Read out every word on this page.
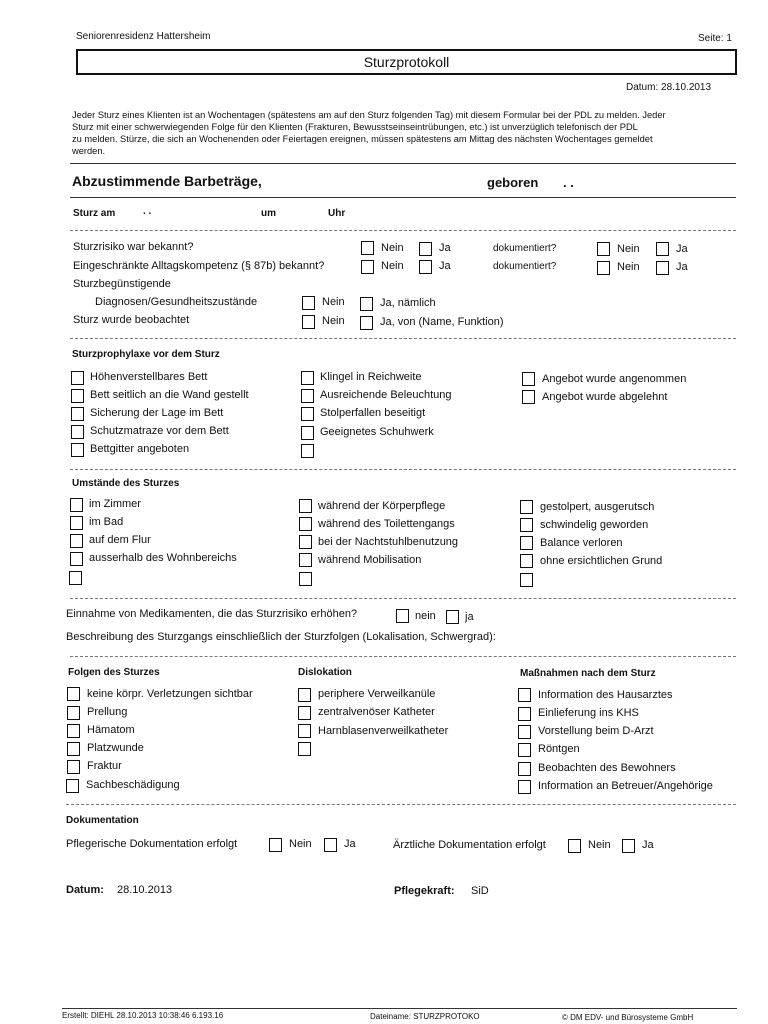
Seniorenresidenz Hattersheim	Seite: 1
Sturzprotokoll
Datum: 28.10.2013
Jeder Sturz eines Klienten ist an Wochentagen (spätestens am auf den Sturz folgenden Tag) mit diesem Formular bei der PDL zu melden. Jeder
Sturz mit einer schwerwiegenden Folge für den Klienten (Frakturen, Bewusstseinseintrübungen, etc.) ist unverzüglich telefonisch der PDL
zu melden. Stürze, die sich an Wochenenden oder Feiertagen ereignen, müssen spätestens am Mittag des nächsten Wochentages gemeldet
werden.
Abzustimmende Barbeträge,	geboren . .
Sturz am	. .	um	Uhr
Sturzrisiko war bekannt?	Nein	Ja	dokumentiert?	Nein	Ja
Eingeschränkte Alltagskompetenz (§ 87b) bekannt?	Nein	Ja	dokumentiert?	Nein	Ja
Sturzbegünstigende
Diagnosen/Gesundheitszustände	Nein	Ja, nämlich
Sturz wurde beobachtet	Nein	Ja, von (Name, Funktion)
Sturzprophylaxe vor dem Sturz
Höhenverstellbares Bett
Bett seitlich an die Wand gestellt
Sicherung der Lage im Bett
Schutzmatraze vor dem Bett
Bettgitter angeboten
Klingel in Reichweite
Ausreichende Beleuchtung
Stolperfallen beseitigt
Geeignetes Schuhwerk
Angebot wurde angenommen
Angebot wurde abgelehnt
Umstände des Sturzes
im Zimmer
im Bad
auf dem Flur
ausserhalb des Wohnbereichs
während der Körperpflege
während des Toilettengangs
bei der Nachtstuhlbenutzung
während Mobilisation
gestolpert, ausgerutsch
schwindelig geworden
Balance verloren
ohne ersichtlichen Grund
Einnahme von Medikamenten, die das Sturzrisiko erhöhen?	nein	ja
Beschreibung des Sturzgangs einschließlich der Sturzfolgen (Lokalisation, Schwergrad):
Folgen des Sturzes
keine körpr. Verletzungen sichtbar
Prellung
Hämatom
Platzwunde
Fraktur
Sachbeschädigung
Dislokation
periphere Verweilkanüle
zentralvenöser Katheter
Harnblasenverweilkatheter
Maßnahmen nach dem Sturz
Information des Hausarztes
Einlieferung ins KHS
Vorstellung beim D-Arzt
Röntgen
Beobachten des Bewohners
Information an Betreuer/Angehörige
Dokumentation
Pflegerische Dokumentation erfolgt	Nein	Ja	Ärztliche Dokumentation erfolgt	Nein	Ja
Datum: 28.10.2013	Pflegekraft: SiD
Erstellt: DIEHL 28.10.2013 10:38:46 6.193.16	Dateiname: STURZPROTOKO	© DM EDV- und Bürosysteme GmbH
